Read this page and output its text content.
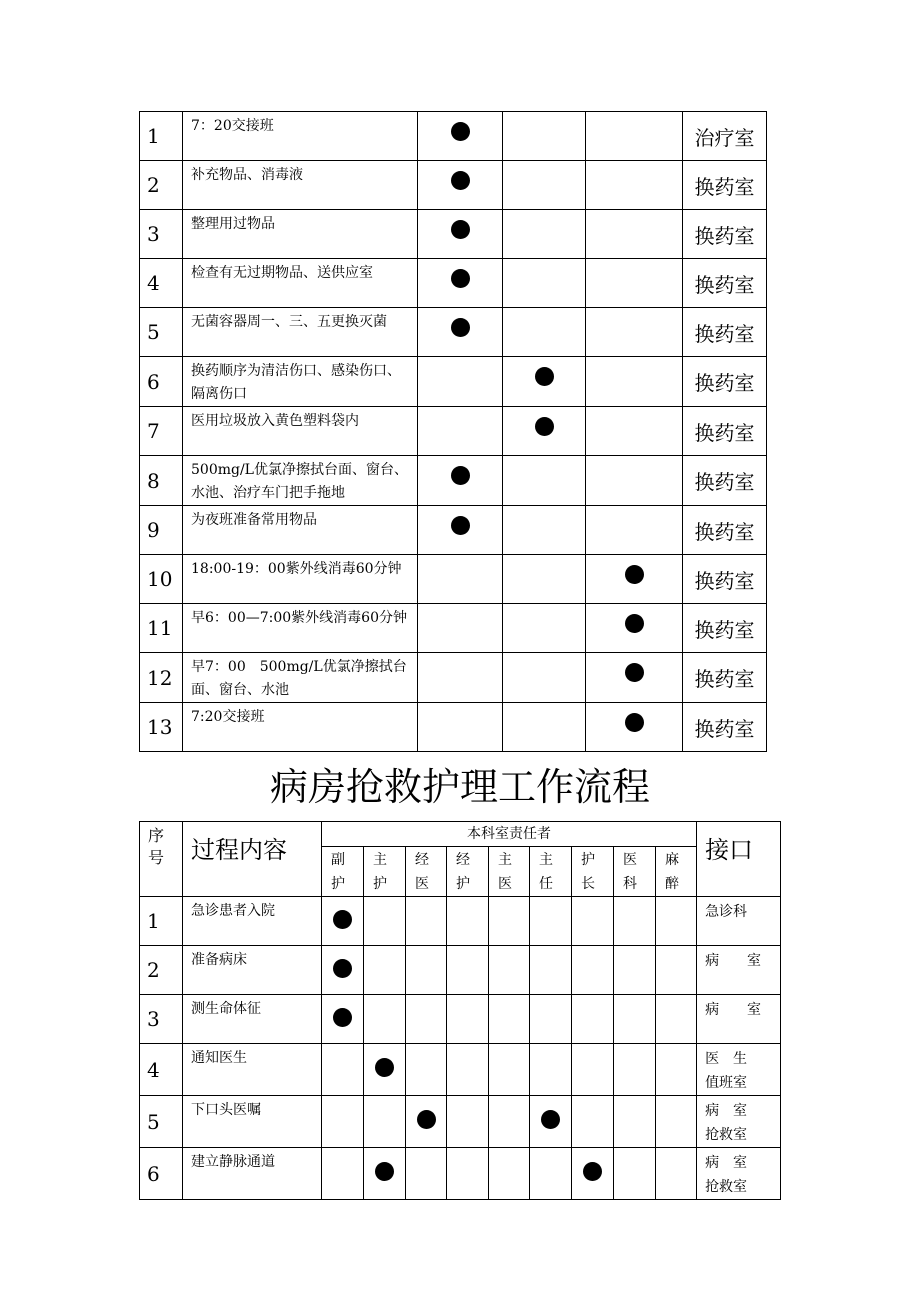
1	7：20交接班				治疗室
2	补充物品、消毒液				换药室
3	整理用过物品				换药室
4	检查有无过期物品、送供应室				换药室
5	无菌容器周一、三、五更换灭菌				换药室
6	换药顺序为清洁伤口、感染伤口、隔离伤口				换药室
7	医用垃圾放入黄色塑料袋内				换药室
8	500mg/L优氯净擦拭台面、窗台、水池、治疗车门把手拖地				换药室
9	为夜班准备常用物品				换药室
10	18:00-19：00紫外线消毒60分钟				换药室
11	早6：00—7:00紫外线消毒60分钟				换药室
12	早7：00　500mg/L优氯净擦拭台面、窗台、水池				换药室
13	7:20交接班				换药室
病房抢救护理工作流程
序号	过程内容	本科室责任者									接口

		副护	主护	经医	经护	主医	主任	护长	医科	麻醉	

1	急诊患者入院										急诊科
2	准备病床										病　　室
3	测生命体征										病　　室
4	通知医生										医　生
值班室
5	下口头医嘱										病　室
抢救室
6	建立静脉通道										病　室
抢救室
